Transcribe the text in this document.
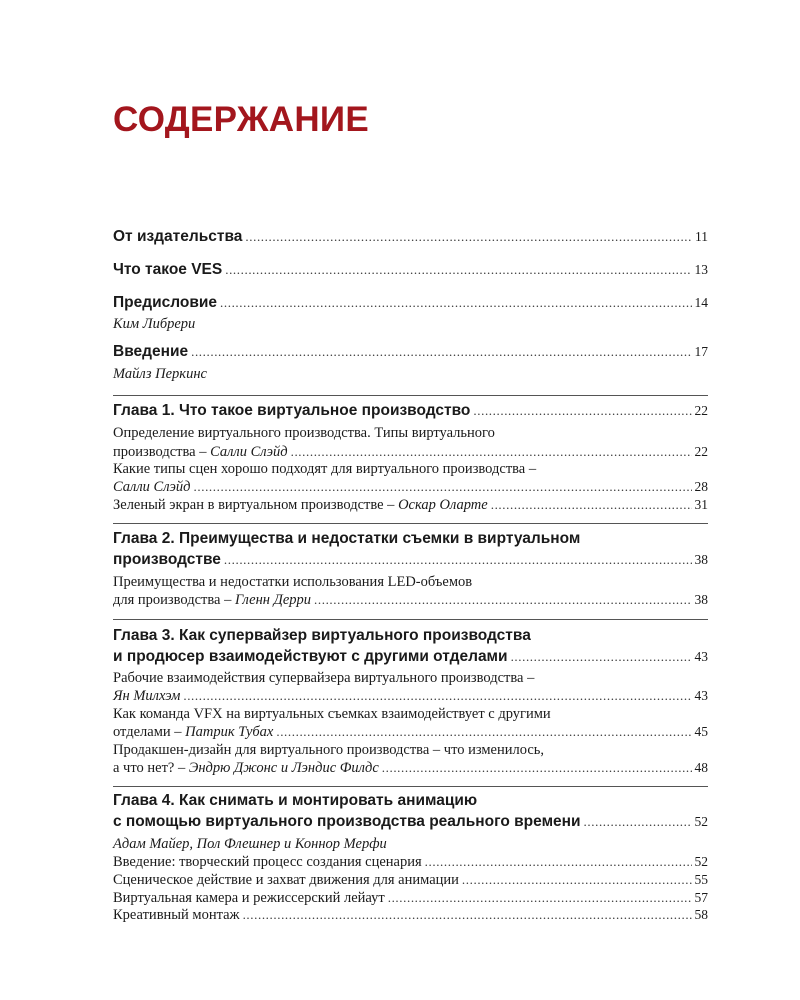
СОДЕРЖАНИЕ
От издательства .....	11
Что такое VES .....	13
Предисловие .....	14
Ким Либрери
Введение .....	17
Майлз Перкинс
Глава 1. Что такое виртуальное производство .....	22
Определение виртуального производства. Типы виртуального
производства – Салли Слэйд .....	22
Какие типы сцен хорошо подходят для виртуального производства –
Салли Слэйд .....	28
Зеленый экран в виртуальном производстве – Оскар Оларте .....	31
Глава 2. Преимущества и недостатки съемки в виртуальном
производстве .....	38
Преимущества и недостатки использования LED-объемов
для производства – Гленн Дерри .....	38
Глава 3. Как супервайзер виртуального производства
и продюсер взаимодействуют с другими отделами .....	43
Рабочие взаимодействия супервайзера виртуального производства –
Ян Милхэм .....	43
Как команда VFX на виртуальных съемках взаимодействует с другими
отделами – Патрик Тубах .....	45
Продакшен-дизайн для виртуального производства – что изменилось,
а что нет? – Эндрю Джонс и Лэндис Филдс .....	48
Глава 4. Как снимать и монтировать анимацию
с помощью виртуального производства реального времени .....	52
Адам Майер, Пол Флешнер и Коннор Мерфи
Введение: творческий процесс создания сценария .....	52
Сценическое действие и захват движения для анимации .....	55
Виртуальная камера и режиссерский лейаут .....	57
Креативный монтаж .....	58
